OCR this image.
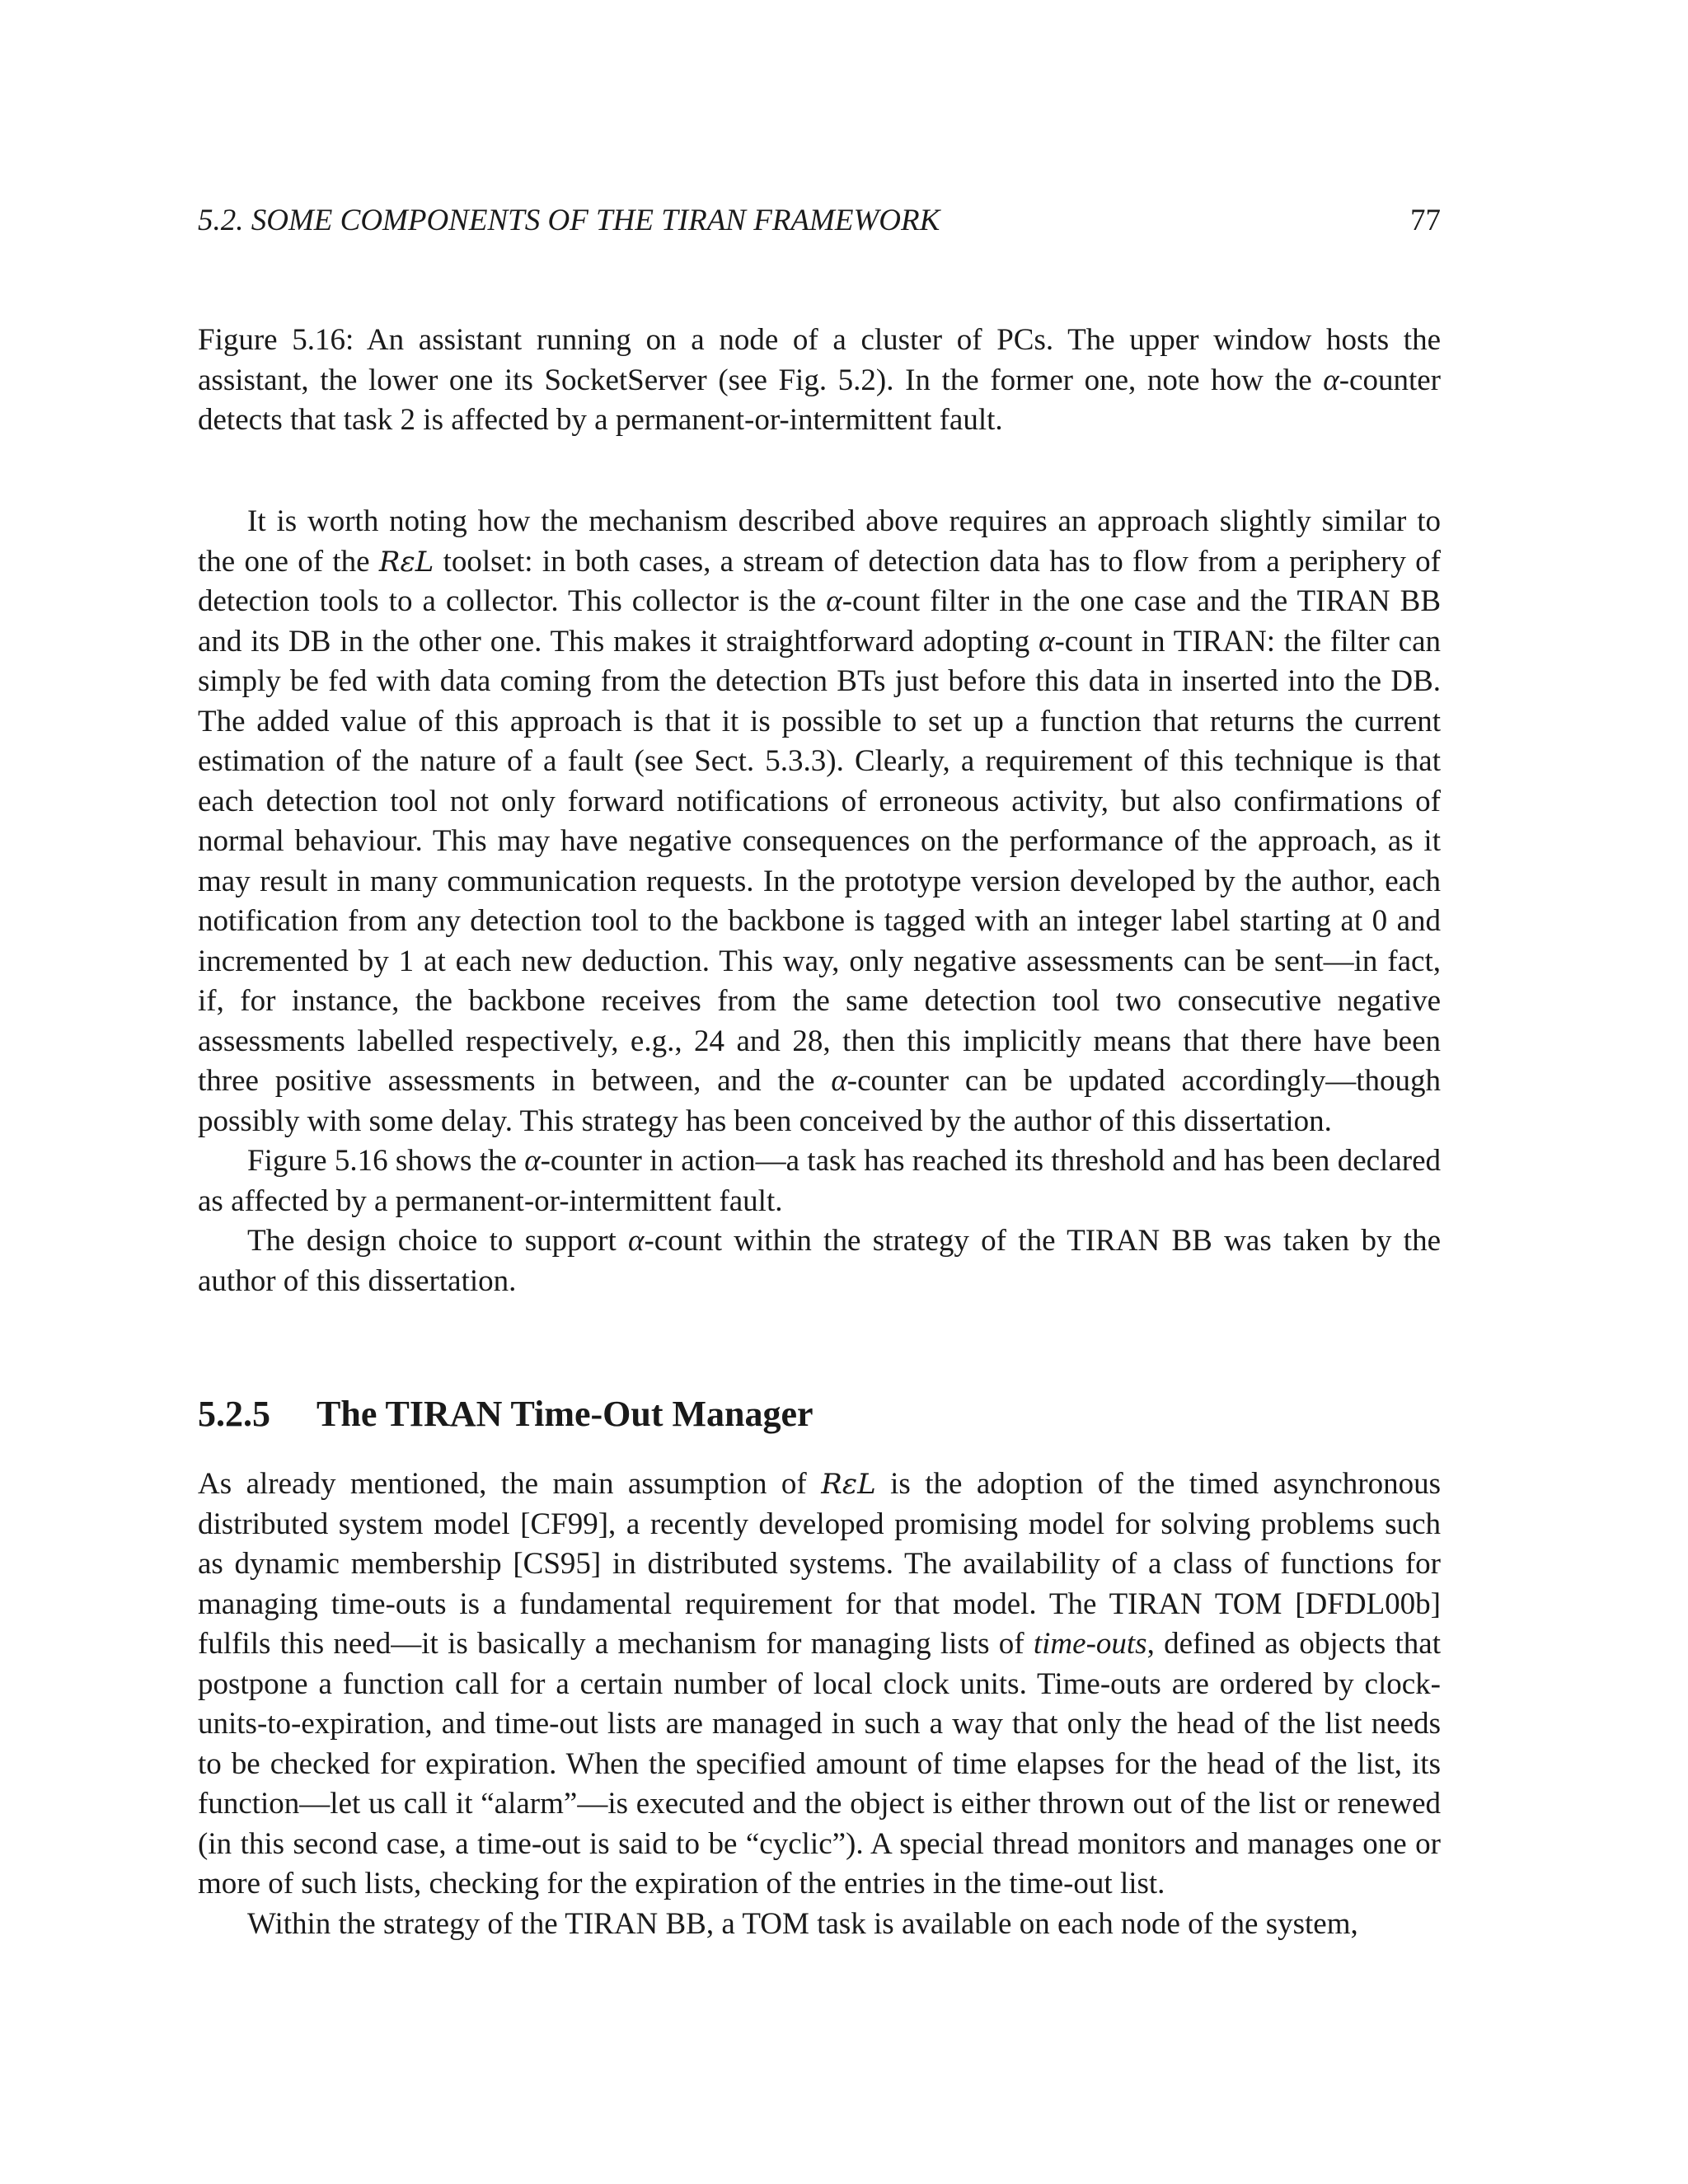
5.2. SOME COMPONENTS OF THE TIRAN FRAMEWORK	77

Figure 5.16: An assistant running on a node of a cluster of PCs. The upper window hosts the assistant, the lower one its SocketServer (see Fig. 5.2). In the former one, note how the α-counter detects that task 2 is affected by a permanent-or-intermittent fault.

It is worth noting how the mechanism described above requires an approach slightly similar to the one of the RεL toolset: in both cases, a stream of detection data has to flow from a periphery of detection tools to a collector. This collector is the α-count filter in the one case and the TIRAN BB and its DB in the other one. This makes it straightforward adopting α-count in TIRAN: the filter can simply be fed with data coming from the detection BTs just before this data in inserted into the DB. The added value of this approach is that it is possible to set up a function that returns the current estimation of the nature of a fault (see Sect. 5.3.3). Clearly, a requirement of this technique is that each detection tool not only forward notifications of erroneous activity, but also confirmations of normal behaviour. This may have negative consequences on the performance of the approach, as it may result in many communication requests. In the prototype version developed by the author, each notification from any detection tool to the backbone is tagged with an integer label starting at 0 and incremented by 1 at each new deduction. This way, only negative assessments can be sent—in fact, if, for instance, the backbone receives from the same detection tool two consecutive negative assessments labelled respectively, e.g., 24 and 28, then this implicitly means that there have been three positive assessments in between, and the α-counter can be updated accordingly—though possibly with some delay. This strategy has been conceived by the author of this dissertation.

Figure 5.16 shows the α-counter in action—a task has reached its threshold and has been declared as affected by a permanent-or-intermittent fault.

The design choice to support α-count within the strategy of the TIRAN BB was taken by the author of this dissertation.

5.2.5 The TIRAN Time-Out Manager

As already mentioned, the main assumption of RεL is the adoption of the timed asynchronous distributed system model [CF99], a recently developed promising model for solving problems such as dynamic membership [CS95] in distributed systems. The availability of a class of functions for managing time-outs is a fundamental requirement for that model. The TIRAN TOM [DFDL00b] fulfils this need—it is basically a mechanism for managing lists of time-outs, defined as objects that postpone a function call for a certain number of local clock units. Time-outs are ordered by clock-units-to-expiration, and time-out lists are managed in such a way that only the head of the list needs to be checked for expiration. When the specified amount of time elapses for the head of the list, its function—let us call it “alarm”—is executed and the object is either thrown out of the list or renewed (in this second case, a time-out is said to be “cyclic”). A special thread monitors and manages one or more of such lists, checking for the expiration of the entries in the time-out list.

Within the strategy of the TIRAN BB, a TOM task is available on each node of the system,
